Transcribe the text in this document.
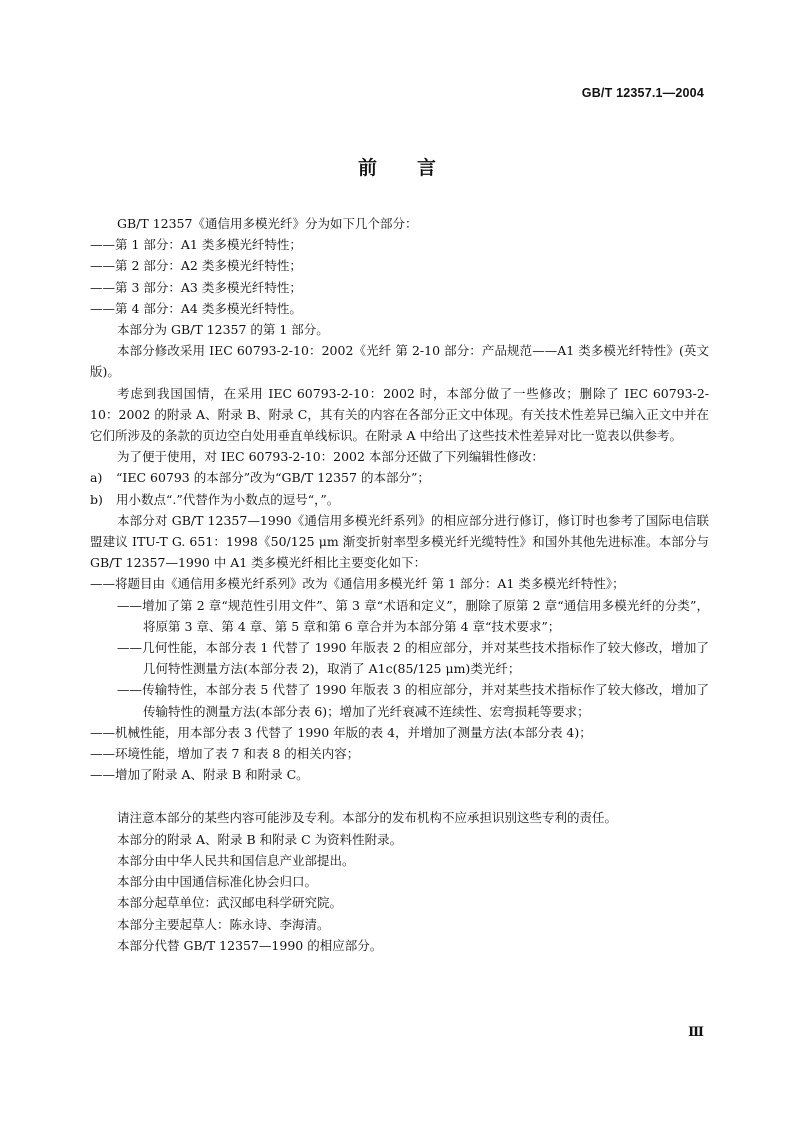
GB/T 12357.1—2004
前言

GB/T 12357《通信用多模光纤》分为如下几个部分：

——第 1 部分：A1 类多模光纤特性；

——第 2 部分：A2 类多模光纤特性；

——第 3 部分：A3 类多模光纤特性；

——第 4 部分：A4 类多模光纤特性。

本部分为 GB/T 12357 的第 1 部分。

本部分修改采用 IEC 60793-2-10：2002《光纤 第 2-10 部分：产品规范——A1 类多模光纤特性》(英文版)。

考虑到我国国情，在采用 IEC 60793-2-10：2002 时，本部分做了一些修改；删除了 IEC 60793-2-10：2002 的附录 A、附录 B、附录 C，其有关的内容在各部分正文中体现。有关技术性差异已编入正文中并在它们所涉及的条款的页边空白处用垂直单线标识。在附录 A 中给出了这些技术性差异对比一览表以供参考。

为了便于使用，对 IEC 60793-2-10：2002 本部分还做了下列编辑性修改：

a) “IEC 60793 的本部分”改为“GB/T 12357 的本部分”；

b) 用小数点“.”代替作为小数点的逗号“，”。

本部分对 GB/T 12357—1990《通信用多模光纤系列》的相应部分进行修订，修订时也参考了国际电信联盟建议 ITU-T G. 651：1998《50/125 μm 渐变折射率型多模光纤光缆特性》和国外其他先进标准。本部分与 GB/T 12357—1990 中 A1 类多模光纤相比主要变化如下：

——将题目由《通信用多模光纤系列》改为《通信用多模光纤 第 1 部分：A1 类多模光纤特性》；

——增加了第 2 章“规范性引用文件”、第 3 章“术语和定义”，删除了原第 2 章“通信用多模光纤的分类”，将原第 3 章、第 4 章、第 5 章和第 6 章合并为本部分第 4 章“技术要求”；

——几何性能，本部分表 1 代替了 1990 年版表 2 的相应部分，并对某些技术指标作了较大修改，增加了几何特性测量方法(本部分表 2)，取消了 A1c(85/125 μm)类光纤；

——传输特性，本部分表 5 代替了 1990 年版表 3 的相应部分，并对某些技术指标作了较大修改，增加了传输特性的测量方法(本部分表 6)；增加了光纤衰减不连续性、宏弯损耗等要求；

——机械性能，用本部分表 3 代替了 1990 年版的表 4，并增加了测量方法(本部分表 4)；

——环境性能，增加了表 7 和表 8 的相关内容；

——增加了附录 A、附录 B 和附录 C。

请注意本部分的某些内容可能涉及专利。本部分的发布机构不应承担识别这些专利的责任。

本部分的附录 A、附录 B 和附录 C 为资料性附录。

本部分由中华人民共和国信息产业部提出。

本部分由中国通信标准化协会归口。

本部分起草单位：武汉邮电科学研究院。

本部分主要起草人：陈永诗、李海清。

本部分代替 GB/T 12357—1990 的相应部分。

Ⅲ
